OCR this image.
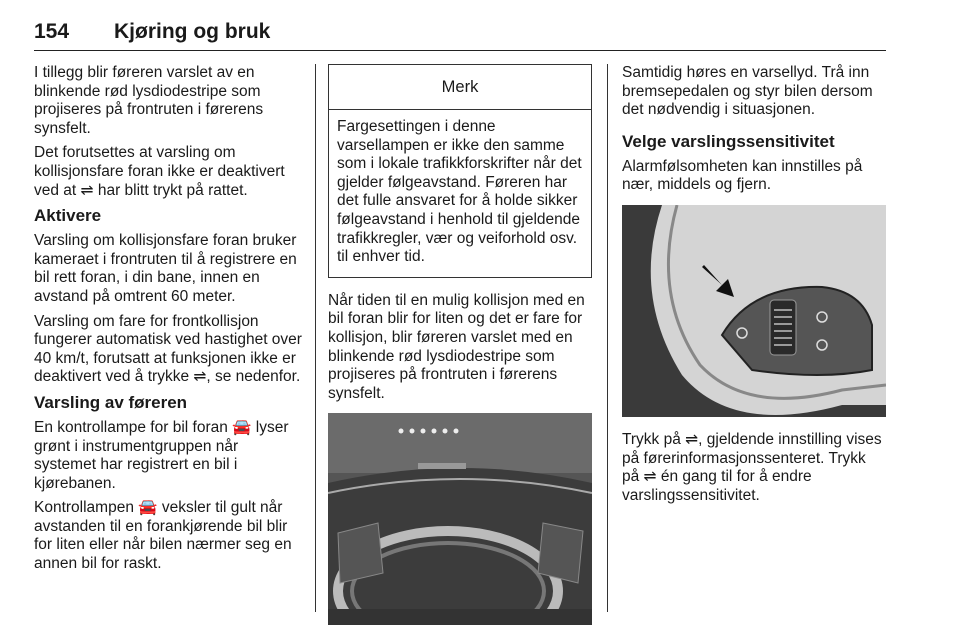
154 Kjøring og bruk

I tillegg blir føreren varslet av en blinkende rød lysdiodestripe som projiseres på frontruten i førerens synsfelt.

Det forutsettes at varsling om kollisjonsfare foran ikke er deaktivert ved at ⇌ har blitt trykt på rattet.

Aktivere

Varsling om kollisjonsfare foran bruker kameraet i frontruten til å registrere en bil rett foran, i din bane, innen en avstand på omtrent 60 meter.

Varsling om fare for frontkollisjon fungerer automatisk ved hastighet over 40 km/t, forutsatt at funksjonen ikke er deaktivert ved å trykke ⇌, se nedenfor.

Varsling av føreren

En kontrollampe for bil foran 🚘 lyser grønt i instrumentgruppen når systemet har registrert en bil i kjørebanen.

Kontrollampen 🚘 veksler til gult når avstanden til en forankjørende bil blir for liten eller når bilen nærmer seg en annen bil for raskt.

Merk

Fargesettingen i denne varsellampen er ikke den samme som i lokale trafikkforskrifter når det gjelder følgeavstand. Føreren har det fulle ansvaret for å holde sikker følgeavstand i henhold til gjeldende trafikkregler, vær og veiforhold osv. til enhver tid.

Når tiden til en mulig kollisjon med en bil foran blir for liten og det er fare for kollisjon, blir føreren varslet med en blinkende rød lysdiodestripe som projiseres på frontruten i førerens synsfelt.

Samtidig høres en varsellyd. Trå inn bremsepedalen og styr bilen dersom det nødvendig i situasjonen.

Velge varslingssensitivitet

Alarmfølsomheten kan innstilles på nær, middels og fjern.

Trykk på ⇌, gjeldende innstilling vises på førerinformasjonssenteret. Trykk på ⇌ én gang til for å endre varslingssensitivitet.
